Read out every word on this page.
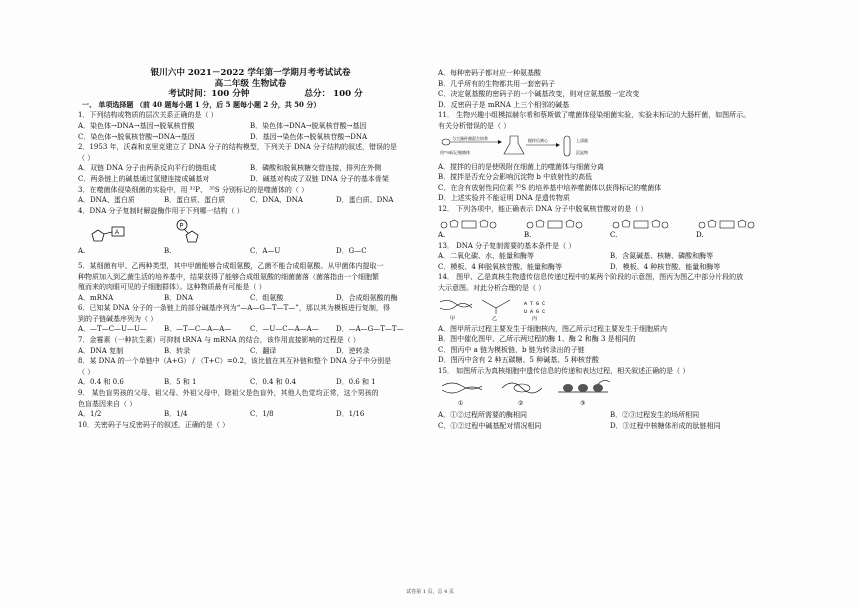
银川六中 2021－2022 学年第一学期月考考试试卷

高二年级 生物试卷

考试时间：100 分钟	总分： 100 分

一、 单项选择题 （前 40 题每小题 1 分，后 5 题每小题 2 分，共 50 分）

1．下列结构或物质的层次关系正确的是（ ）

A．染色体→DNA→基因→脱氧核苷酸	B．染色体→DNA→脱氧核苷酸→基因
C．染色体→脱氧核苷酸→DNA→基因	D．基因→染色体→脱氧核苷酸→DNA

2．1953 年，沃森和克里克建立了 DNA 分子的结构模型，下列关于 DNA 分子结构的叙述，错误的是

（ ）

A．双链 DNA 分子由两条反向平行的链组成	B．磷酸和脱氧核糖交替连接，排列在外侧
C．两条链上的碱基通过氢键连接成碱基对	D．碱基对构成了双链 DNA 分子的基本骨架

3．在噬菌体侵染细菌的实验中，用 ³²P、 ³⁵S 分别标记的是噬菌体的（ ）

A．DNA、蛋白质	B．蛋白质、蛋白质	C．DNA、DNA	D．蛋白质、DNA

4．DNA 分子复制时解旋酶作用于下列哪一结构（ ）

A
P
A.	B.	C．A—U	D．G—C

5．某细菌有甲、乙两种类型，其中甲菌能够合成组氨酸，乙菌不能合成组氨酸。从甲菌体内提取一

种物质加入到乙菌生活的培养基中，结果获得了能够合成组氨酸的细菌菌落（菌落指由一个细胞繁

殖而来的肉眼可见的子细胞群体）。这种物质最有可能是（ ）

A．mRNA	B．DNA	C．组氨酸	D．合成组氨酸的酶

6．已知某 DNA 分子的一条链上的部分碱基序列为“—A—G—T—T—”，那以其为模板进行复制，得

到的子链碱基序列为（ ）

A．—T—C—U—U—	B．—T—C—A—A—	C．—U—C—A—A—	D．—A—G—T—T—

7．金霉素（一种抗生素）可抑制 tRNA 与 mRNA 的结合，该作用直接影响的过程是（ ）

A．DNA 复制	B．转录	C．翻译	D．逆转录

8．某 DNA 的一个单链中（A+G） / （T+C）=0.2，该比值在其互补链和整个 DNA 分子中分别是

（ ）

A．0.4 和 0.6	B．5 和 1	C．0.4 和 0.4	D．0.6 和 1

9． 某色盲男孩的父母、祖父母、外祖父母中，除祖父是色盲外，其他人色觉均正常，这个男孩的

色盲基因来自（ ）

A．1/2	B．1/4	C．1/8	D．1/16

10．关密码子与反密码子的叙述，正确的是（ ）

A．每种密码子都对应一种氨基酸

B．几乎所有的生物都共用一套密码子

C．决定氨基酸的密码子的一个碱基改变，则对应氨基酸一定改变

D．反密码子是 mRNA 上三个相邻的碱基

11． 生物兴趣小组模拟赫尔希和蔡斯做了噬菌体侵染细菌实验，实验未标记的大肠杆菌，如图所示。

有关分析错误的是（ ）

与大肠杆菌混合培养
用³⁵S标记噬菌体
搅拌后离心	上清液
沉淀物

A．搅拌的目的是使吸附在细菌上的噬菌体与细菌分离

B．搅拌是否充分会影响沉淀物 b 中放射性的高低

C．在含有放射性同位素 ³⁵S 的培养基中培养噬菌体以获得标记的噬菌体

D．上述实验并不能证明 DNA 是遗传物质

12． 下列各项中，能正确表示 DNA 分子中脱氧核苷酸对的是（ ）

A.	B.	C.	D.

13． DNA 分子复制需要的基本条件是（ ）

A．二氧化碳、水、能量和酶等	B．含氮碱基、核糖、磷酸和酶等
C．模板、4 种脱氧核苷酸、能量和酶等	D．模板、4 种核苷酸、能量和酶等

14． 图甲、乙是真核生物遗传信息传递过程中的某两个阶段的示意图，图丙为图乙中部分片段的放

大示意图。对此分析合理的是（ ）

甲	乙
A T G C
U A G C
丙

A．图甲所示过程主要发生于细胞核内，图乙所示过程主要发生于细胞质内

B．图中催化图甲、乙所示两过程的酶 1、酶 2 和酶 3 是相同的

C．图丙中 a 链为模板链，b 链为转录出的子链

D．图丙中含有 2 种五碳糖、5 种碱基、5 种核苷酸

15． 如图所示为真核细胞中遗传信息的传递和表达过程，相关叙述正确的是（ ）

①	②	③
A．①②过程所需要的酶相同	B．②③过程发生的场所相同
C．①②过程中碱基配对情况相同	D．③过程中核糖体形成的肽链相同
试卷第 1 页，总 4 页
